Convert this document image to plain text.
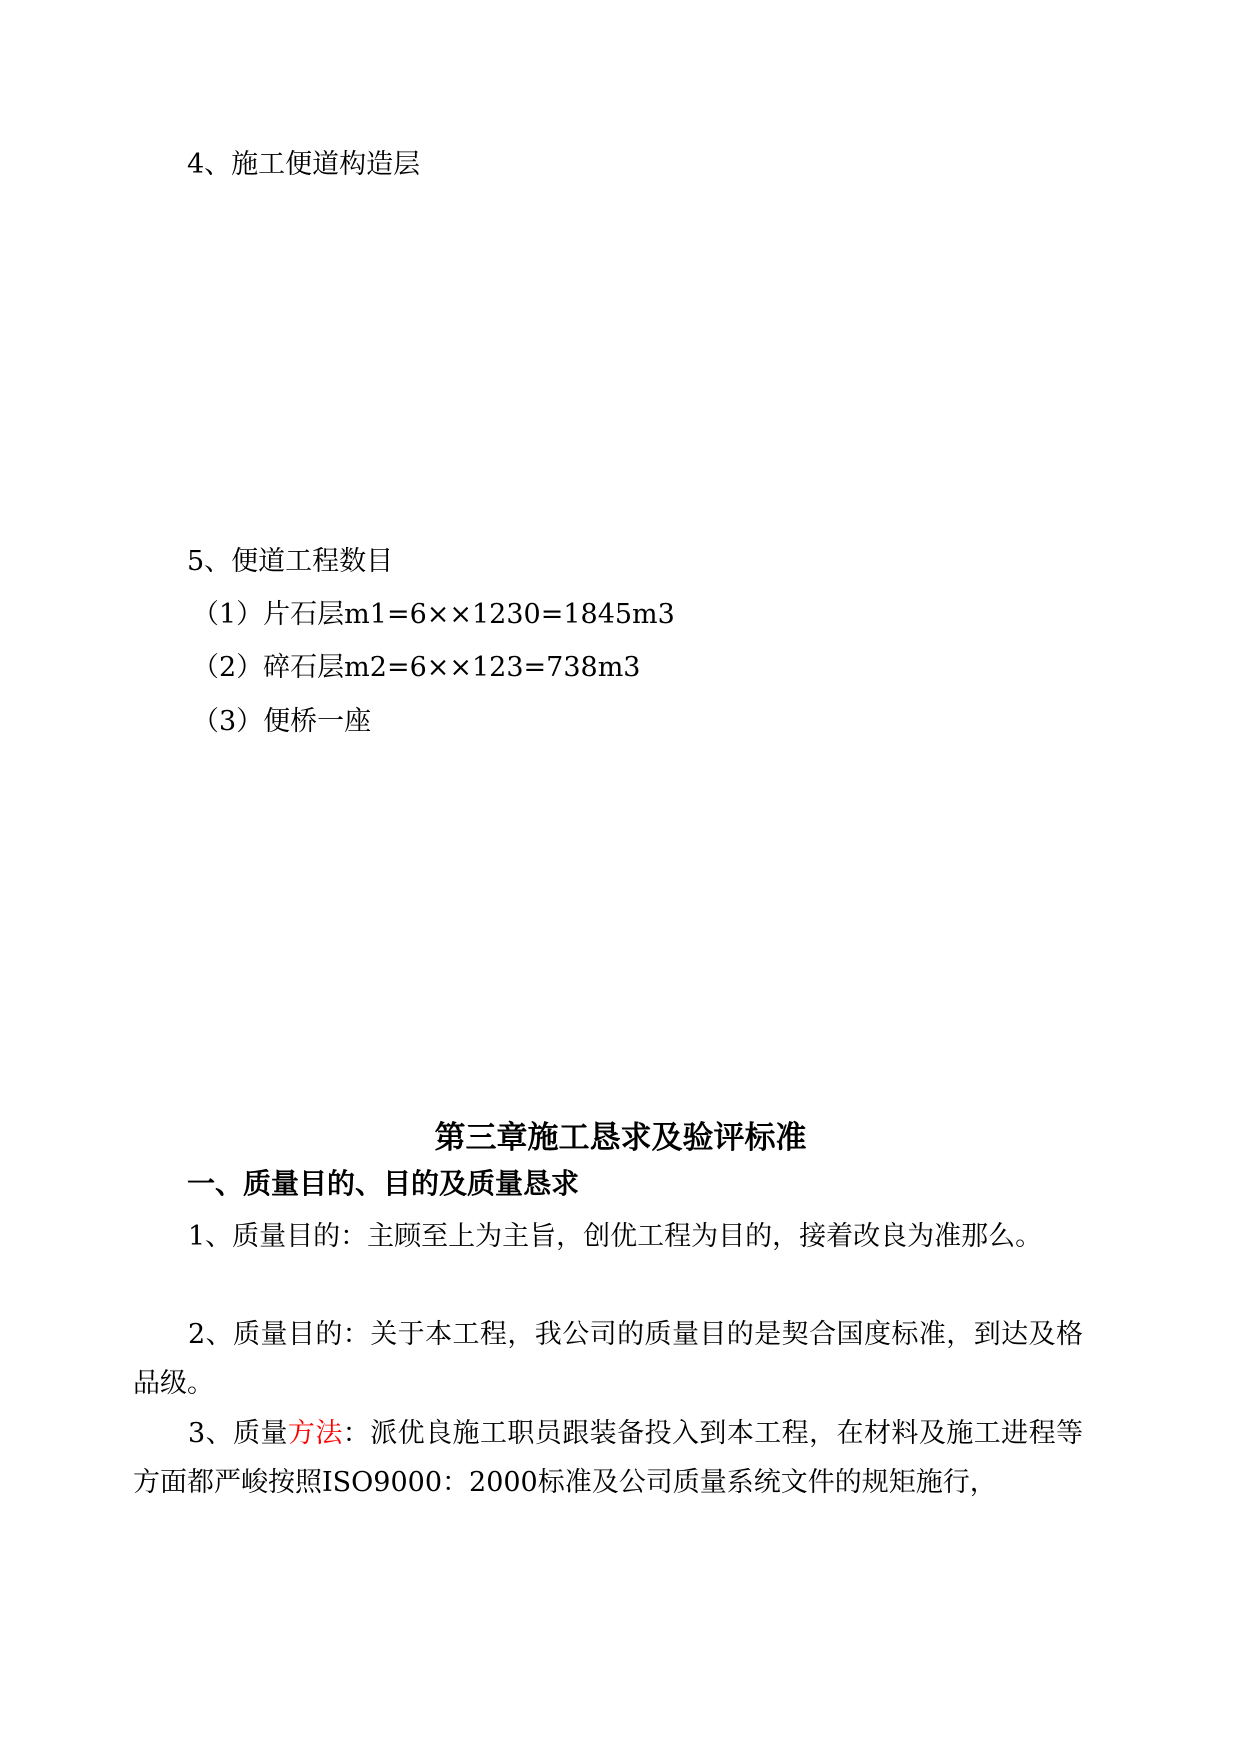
4、施工便道构造层
5、便道工程数目
（1）片石层m1=6××1230=1845m3
（2）碎石层m2=6××123=738m3
（3）便桥一座
第三章施工恳求及验评标准
一、质量目的、目的及质量恳求
1、质量目的：主顾至上为主旨，创优工程为目的，接着改良为准那么。
2、质量目的：关于本工程，我公司的质量目的是契合国度标准，到达及格品级。
3、质量方法：派优良施工职员跟装备投入到本工程，在材料及施工进程等方面都严峻按照ISO9000：2000标准及公司质量系统文件的规矩施行，
